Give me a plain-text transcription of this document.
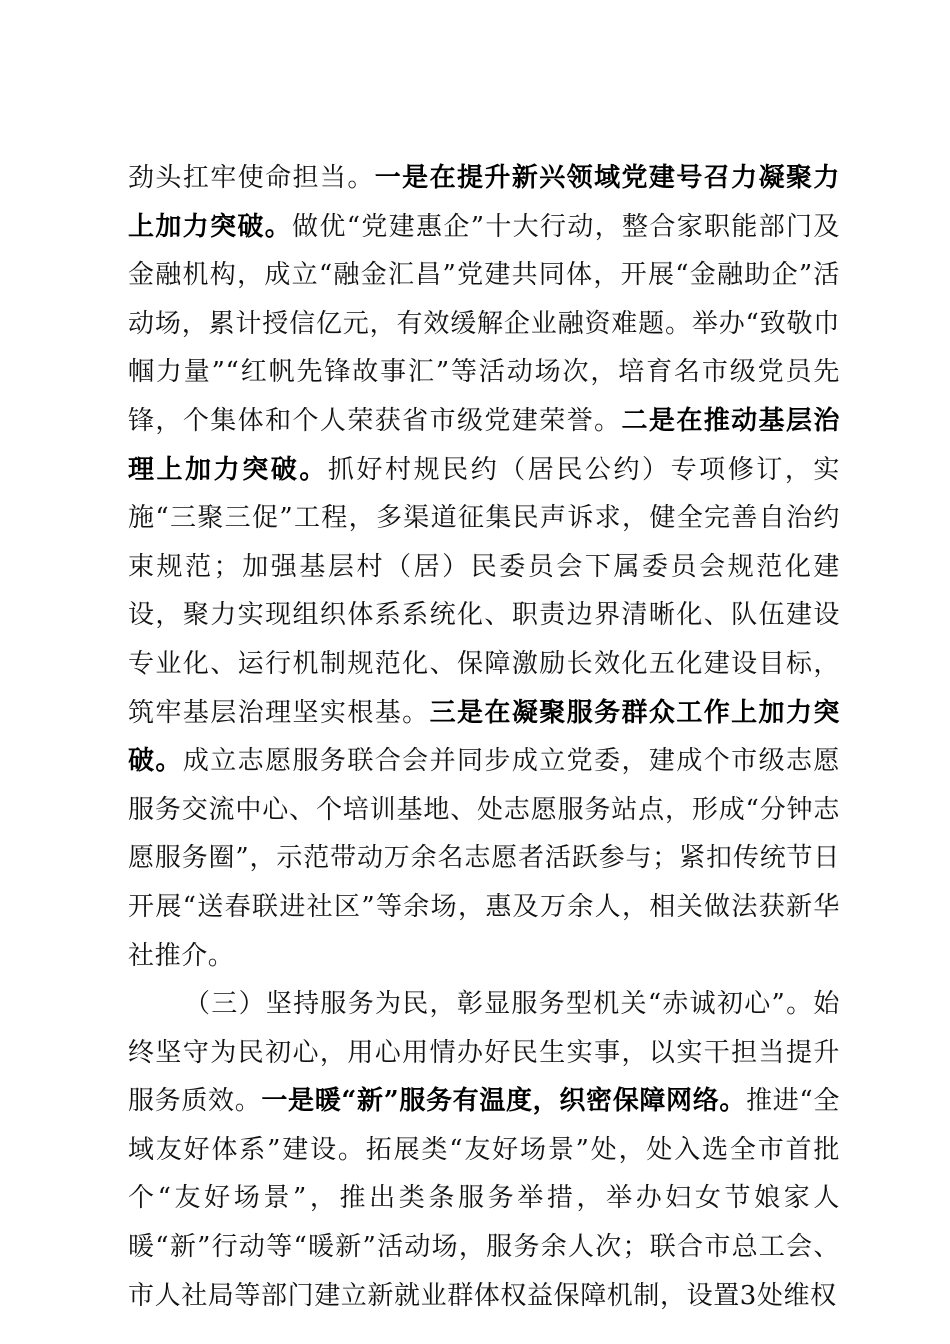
劲头扛牢使命担当。一是在提升新兴领域党建号召力凝聚力上加力突破。做优“党建惠企”十大行动，整合家职能部门及金融机构，成立“融金汇昌”党建共同体，开展“金融助企”活动场，累计授信亿元，有效缓解企业融资难题。举办“致敬巾帼力量”“红帆先锋故事汇”等活动场次，培育名市级党员先锋，个集体和个人荣获省市级党建荣誉。二是在推动基层治理上加力突破。抓好村规民约（居民公约）专项修订，实施“三聚三促”工程，多渠道征集民声诉求，健全完善自治约束规范；加强基层村（居）民委员会下属委员会规范化建设，聚力实现组织体系系统化、职责边界清晰化、队伍建设专业化、运行机制规范化、保障激励长效化五化建设目标，筑牢基层治理坚实根基。三是在凝聚服务群众工作上加力突破。成立志愿服务联合会并同步成立党委，建成个市级志愿服务交流中心、个培训基地、处志愿服务站点，形成“分钟志愿服务圈”，示范带动万余名志愿者活跃参与；紧扣传统节日开展“送春联进社区”等余场，惠及万余人，相关做法获新华社推介。

（三）坚持服务为民，彰显服务型机关“赤诚初心”。始终坚守为民初心，用心用情办好民生实事，以实干担当提升服务质效。一是暖“新”服务有温度，织密保障网络。推进“全域友好体系”建设。拓展类“友好场景”处，处入选全市首批个“友好场景”，推出类条服务举措，举办妇女节娘家人暖“新”行动等“暖新”活动场，服务余人次；联合市总工会、市人社局等部门建立新就业群体权益保障机制，设置3处维权
